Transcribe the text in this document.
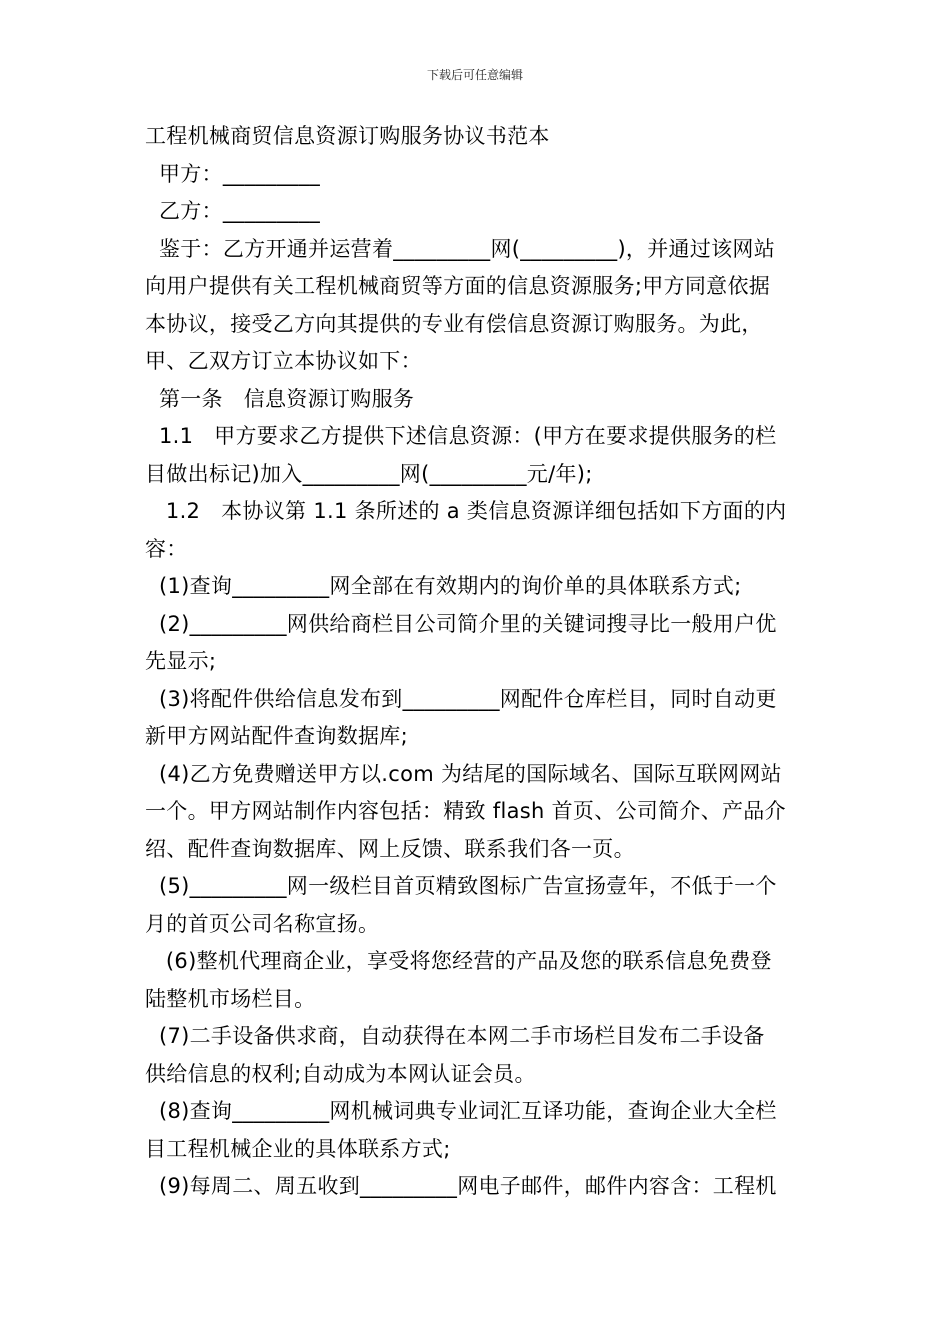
下载后可任意编辑
工程机械商贸信息资源订购服务协议书范本
甲方：_________
乙方：_________
鉴于：乙方开通并运营着_________网(_________)，并通过该网站
向用户提供有关工程机械商贸等方面的信息资源服务;甲方同意依据
本协议，接受乙方向其提供的专业有偿信息资源订购服务。为此，
甲、乙双方订立本协议如下：
第一条   信息资源订购服务
1.1   甲方要求乙方提供下述信息资源：(甲方在要求提供服务的栏
目做出标记)加入_________网(_________元/年);
1.2   本协议第 1.1 条所述的 a 类信息资源详细包括如下方面的内
容：
(1)查询_________网全部在有效期内的询价单的具体联系方式;
(2)_________网供给商栏目公司简介里的关键词搜寻比一般用户优
先显示;
(3)将配件供给信息发布到_________网配件仓库栏目，同时自动更
新甲方网站配件查询数据库;
(4)乙方免费赠送甲方以.com 为结尾的国际域名、国际互联网网站
一个。甲方网站制作内容包括：精致 flash 首页、公司简介、产品介
绍、配件查询数据库、网上反馈、联系我们各一页。
(5)_________网一级栏目首页精致图标广告宣扬壹年，不低于一个
月的首页公司名称宣扬。
(6)整机代理商企业，享受将您经营的产品及您的联系信息免费登
陆整机市场栏目。
(7)二手设备供求商，自动获得在本网二手市场栏目发布二手设备
供给信息的权利;自动成为本网认证会员。
(8)查询_________网机械词典专业词汇互译功能，查询企业大全栏
目工程机械企业的具体联系方式;
(9)每周二、周五收到_________网电子邮件，邮件内容含：工程机
